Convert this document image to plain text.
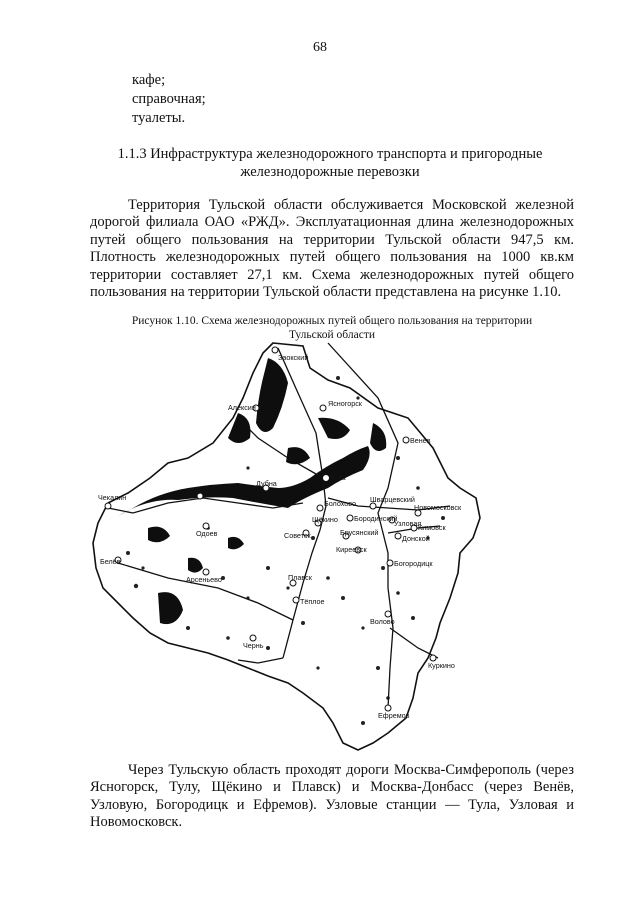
68
кафе;
справочная;
туалеты.
1.1.3 Инфраструктура железнодорожного транспорта и пригородные
железнодорожные перевозки

Территория Тульской области обслуживается Московской железной дорогой филиала ОАО «РЖД». Эксплуатационная длина железнодорожных путей общего пользования на территории Тульской области 947,5 км. Плотность железнодорожных путей общего пользования на 1000 кв.км территории составляет 27,1 км. Схема железнодорожных путей общего пользования на территории Тульской области представлена на рисунке 1.10.

Рисунок 1.10. Схема железнодорожных путей общего пользования на территории
Тульской области
Заокский
Алексин	Ясногорск
Венёв
Тула
Дубна
Суворов
Чекалин
Одоев
Шварцевский
Новомосковск
Болохово
Щёкино Бородинский
Кимовск
Донской
Советск	Брусянский
Киреевск
Узловая
Белёв
Арсеньево
Богородицк
Плавск
Тёплое
Волово
Чернь
Куркино
Ефремов

Через Тульскую область проходят дороги Москва-Симферополь (через Ясногорск, Тулу, Щёкино и Плавск) и Москва-Донбасс (через Венёв, Узловую, Богородицк и Ефремов). Узловые станции — Тула, Узловая и Новомосковск.
